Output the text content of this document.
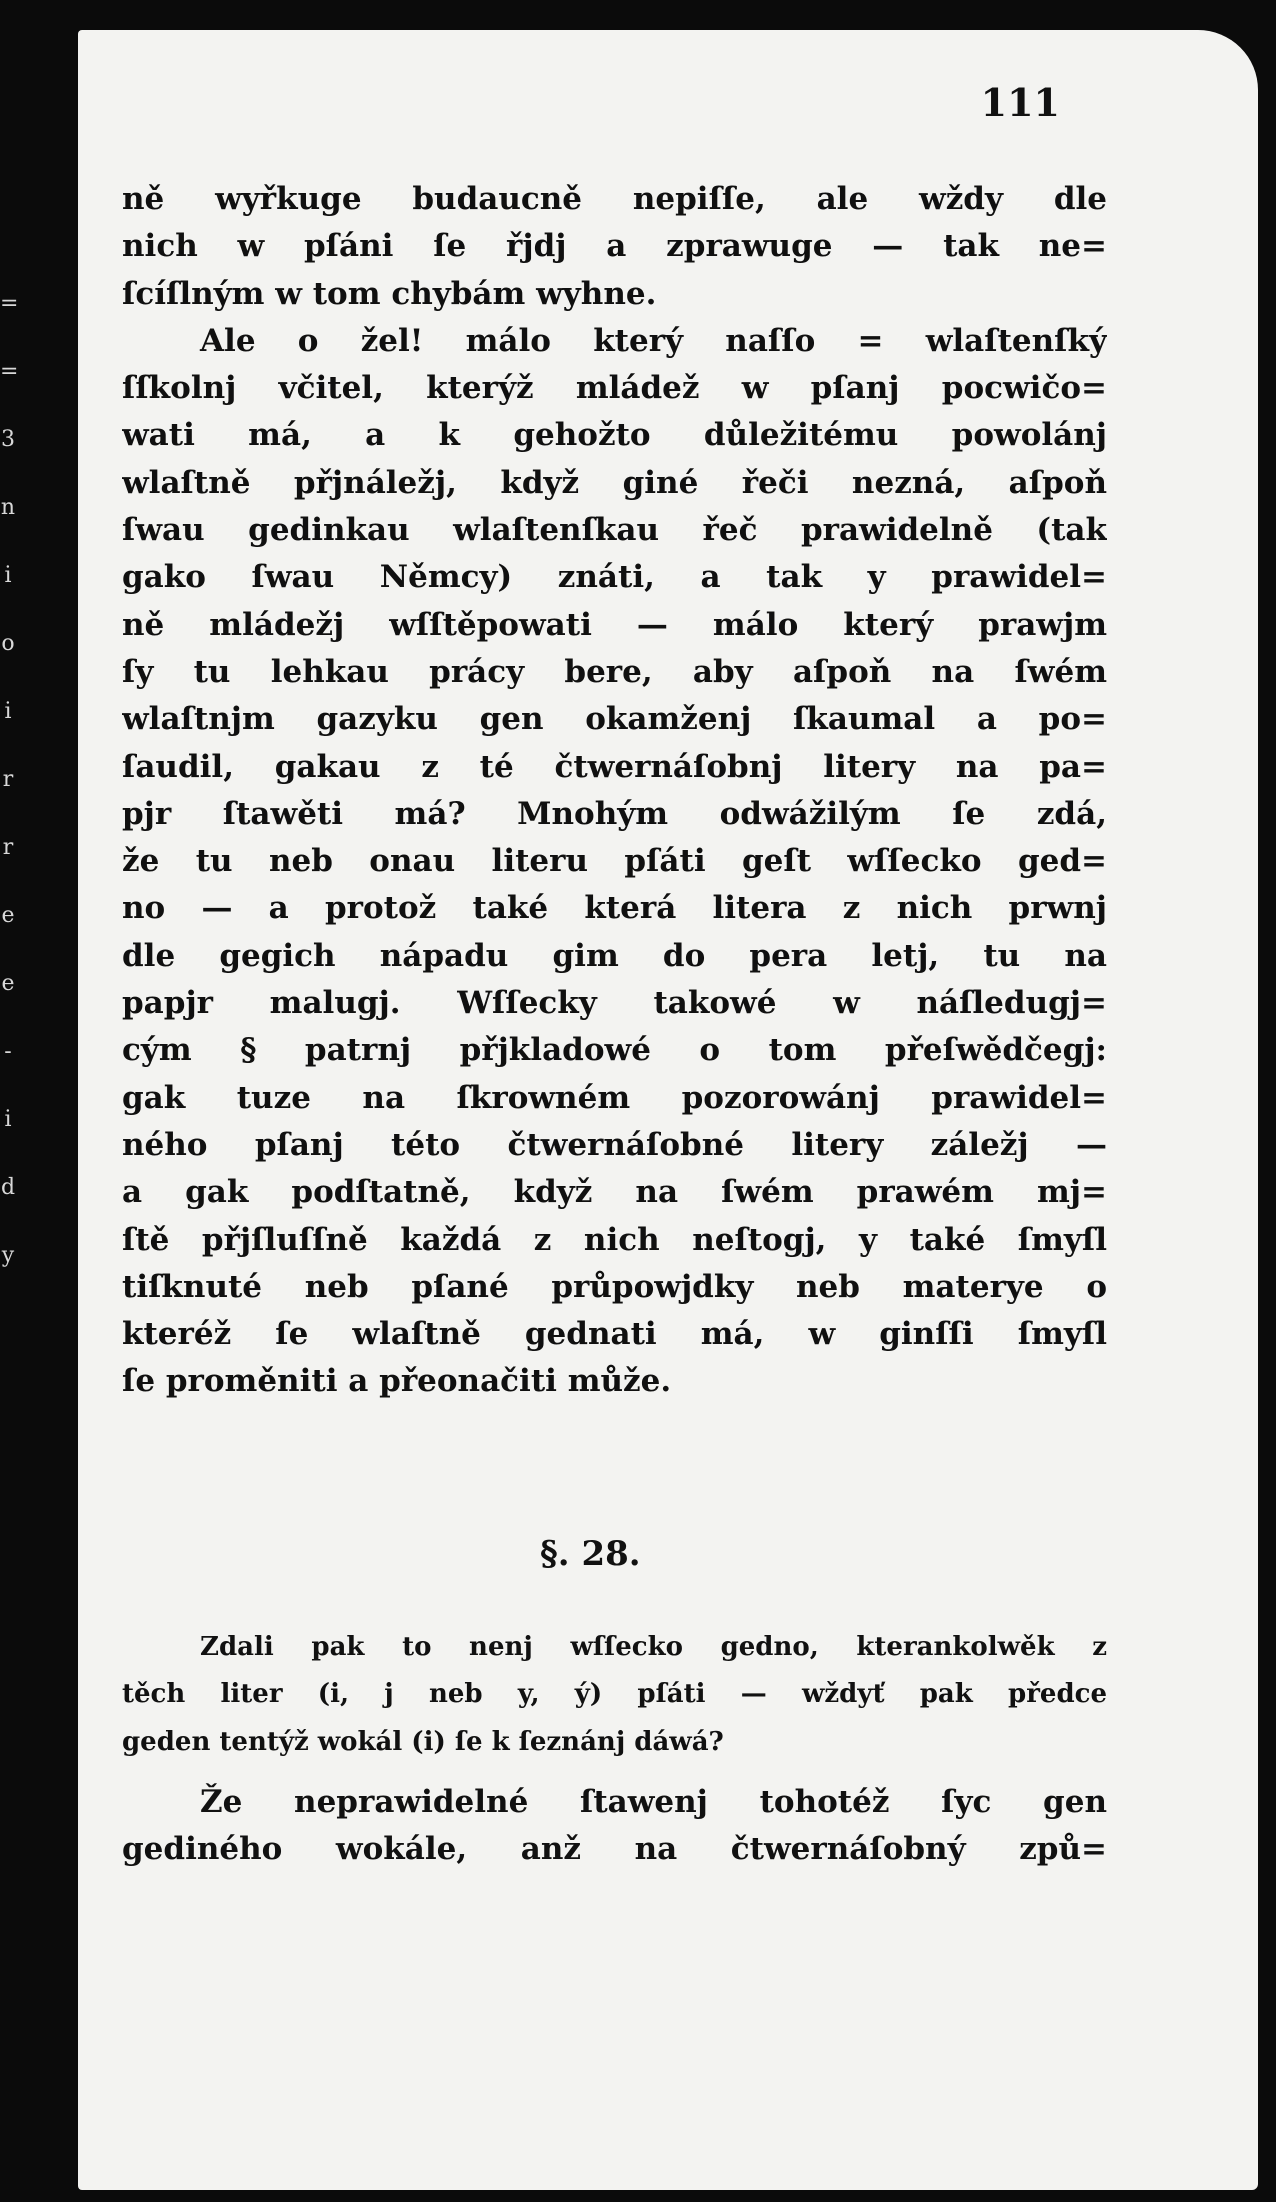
=
=
3
n
i
o
i
r
r
e
e
-
i
d
y
111
ně wyřkuge budaucně nepiſſe, ale wždy dle
nich w pſáni ſe řjdj a zprawuge — tak ne=
ſcíſlným w tom chybám wyhne.
Ale o žel! málo který naſſo = wlaſtenſký
ſſkolnj včitel, kterýž mládež w pſanj pocwičo=
wati má, a k gehožto důležitému powolánj
wlaſtně přjnáležj, když giné řeči nezná, aſpoň
ſwau gedinkau wlaſtenſkau řeč prawidelně (tak
gako ſwau Němcy) znáti, a tak y prawidel=
ně mládežj wſſtěpowati — málo který prawjm
ſy tu lehkau prácy bere, aby aſpoň na ſwém
wlaſtnjm gazyku gen okamženj ſkaumal a po=
ſaudil, gakau z té čtwernáſobnj litery na pa=
pjr ſtawěti má? Mnohým odwážilým ſe zdá,
že tu neb onau literu pſáti geſt wſſecko ged=
no — a protož také která litera z nich prwnj
dle gegich nápadu gim do pera letj, tu na
papjr malugj. Wſſecky takowé w náſledugj=
cým § patrnj přjkladowé o tom přeſwědčegj:
gak tuze na ſkrowném pozorowánj prawidel=
ného pſanj této čtwernáſobné litery záležj —
a gak podſtatně, když na ſwém prawém mj=
ſtě přjſluſſně každá z nich neſtogj, y také ſmyſl
tiſknuté neb pſané průpowjdky neb materye o
kteréž ſe wlaſtně gednati má, w ginſſi ſmyſl
ſe proměniti a přeonačiti může.
§. 28.
Zdali pak to nenj wſſecko gedno, kterankolwěk z
těch liter (i, j neb y, ý) pſáti — wždyť pak předce
geden tentýž wokál (i) ſe k ſeznánj dáwá?
Že neprawidelné ſtawenj tohotéž ſyc gen
gediného wokále, anž na čtwernáſobný způ=
